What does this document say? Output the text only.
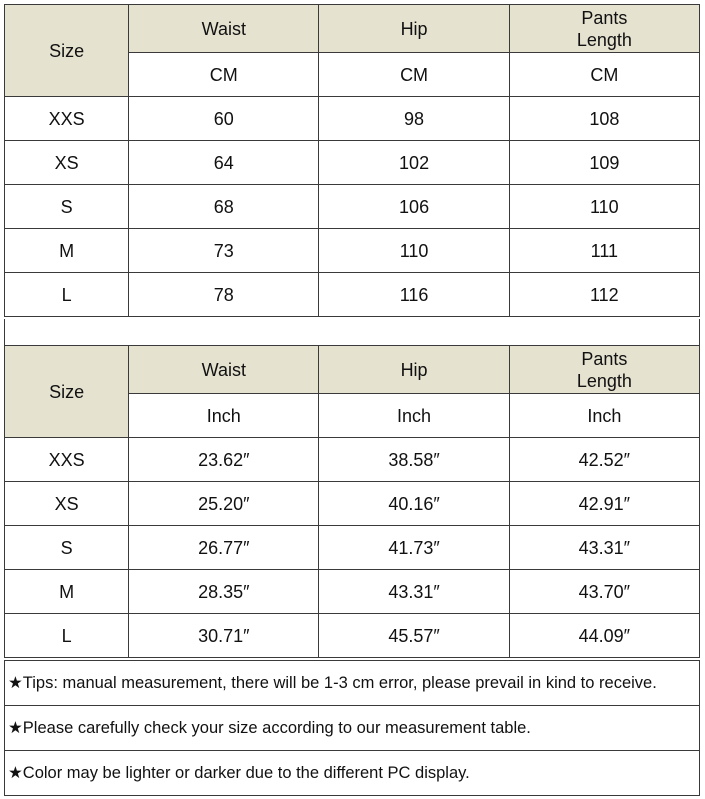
Size	Waist	Hip	Pants Length
	CM	CM	CM
XXS	60	98	108
XS	64	102	109
S	68	106	110
M	73	110	111
L	78	116	112
Size	Waist	Hip	Pants Length
	Inch	Inch	Inch
XXS	23.62″	38.58″	42.52″
XS	25.20″	40.16″	42.91″
S	26.77″	41.73″	43.31″
M	28.35″	43.31″	43.70″
L	30.71″	45.57″	44.09″
★Tips: manual measurement, there will be 1-3 cm error, please prevail in kind to receive.
★Please carefully check your size according to our measurement table.
★Color may be lighter or darker due to the different PC display.
